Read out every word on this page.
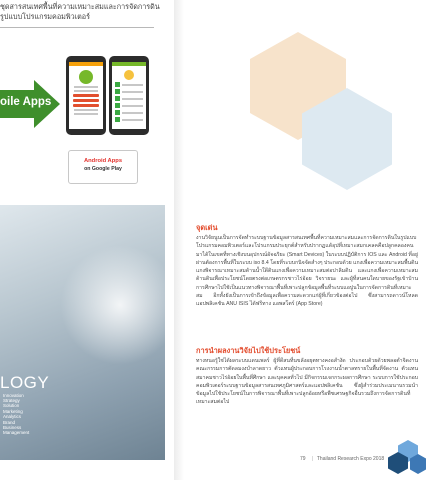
ชุดสารสนเทศพื้นที่ความเหมาะสมและการจัดการดิน
รูปแบบโปรแกรมคอมพิวเตอร์
oile Apps
Android Apps
on Google Play
LOGY
Innovation
Strategy
Solution
Marketing
Analytics
Brand
Business
Management
จุดเด่น
งานวิจัยนูนเป็นการจัดทำระบบฐานข้อมูลสารสนเทศพื้นที่ความเหมาะสมและการจัดการดินในรูปแบบโปรแกรมคอมพิวเตอร์และโปรแกรมประยุกต์สำหรับปรากฏแด้อุปที่เหมาะสมกเคลคคือปลูกคลองคนมาได้ในเขตที่ทางเชิงบนอุปกรณ์อัจฉริยะ (Smart Devices) ในระบบปฏิบัติการ IOS และ Android ที่อยู่ผ่านต้องการพื้นที่ในระบบ iso 8.4 โดยที่ระบบกนิจจัดสำงๆ ประกอบด้วย แกงเพื่อความเหมาะสมพื้นดิน แกงพิจารณาเหมาะสมด้านน้ำใดีดินแกงเพื่อความเหมาะสมต่อปาลิมดิน และแกงเพื่อความเหมาะสมด้านดินเพื่อประโยชน์โดยตรงต่อเกษตรกรชาวไร่อ้อย วิจรายนะ และผู้ที่สนคนใดบายของรัฐเข้าบ้านการศึกษาไปใช้เป็นแนวทางพิจารณาพื้นที่เพาะปลูกข้อมูลพื้นที่ระบบแอปูนในการจัดการดินที่เหมาะสม อีกทั้งยังเป็นการเข้าถึงข้อมูลเพื่อความสะดวกแก่ผู้ที่เกี่ยวข้องต่อไป ซึ่งสามารถดาวน์โหลดแอปพลิเคชัน ANU ISIS ได้ฟรีทาง แอพสโตร์ (App Store)
การนำผลงานวิจัยไปใช้ประโยชน์
ทางหนอรู้ใช่ได้ผลระบบแดนเพลร์ ผู้ที่ดีสนที่นขลังอยุตทางคงอสำงัด ประกอบด้วยด้วยพลอตำจิดงานคณะกรรมการตัดลมงงบำลาดยาว ตัวแทนผู้ประกอบการโรงงานน้ำตาลทรายในพื้นที่จัดงาน ตัวแทนสมาคมชาวไร่อ้อยในพื้นที่ศึกษา และบุคคลทั่วไป มีกิจกรรมเจกกระผลการศึกษา ระบบการใช้ประกอบคอมพิวเตอร์ระบบฐานข้อมูลสารสนเทศภูมิศาสตร์และแอปพลิเคชัน ซึ่งผู้สำร่วมประเมนานรวมนำข้อมูลไปใช้ประโยชน์ในการพิจารณาพื้นที่เพาะปลูกอ้อยหรือพืชเศรษฐกิจอื่นรวมถึงการจัดการดินที่เหมาะสมต่อไป
79 | Thailand Research Expo 2018
